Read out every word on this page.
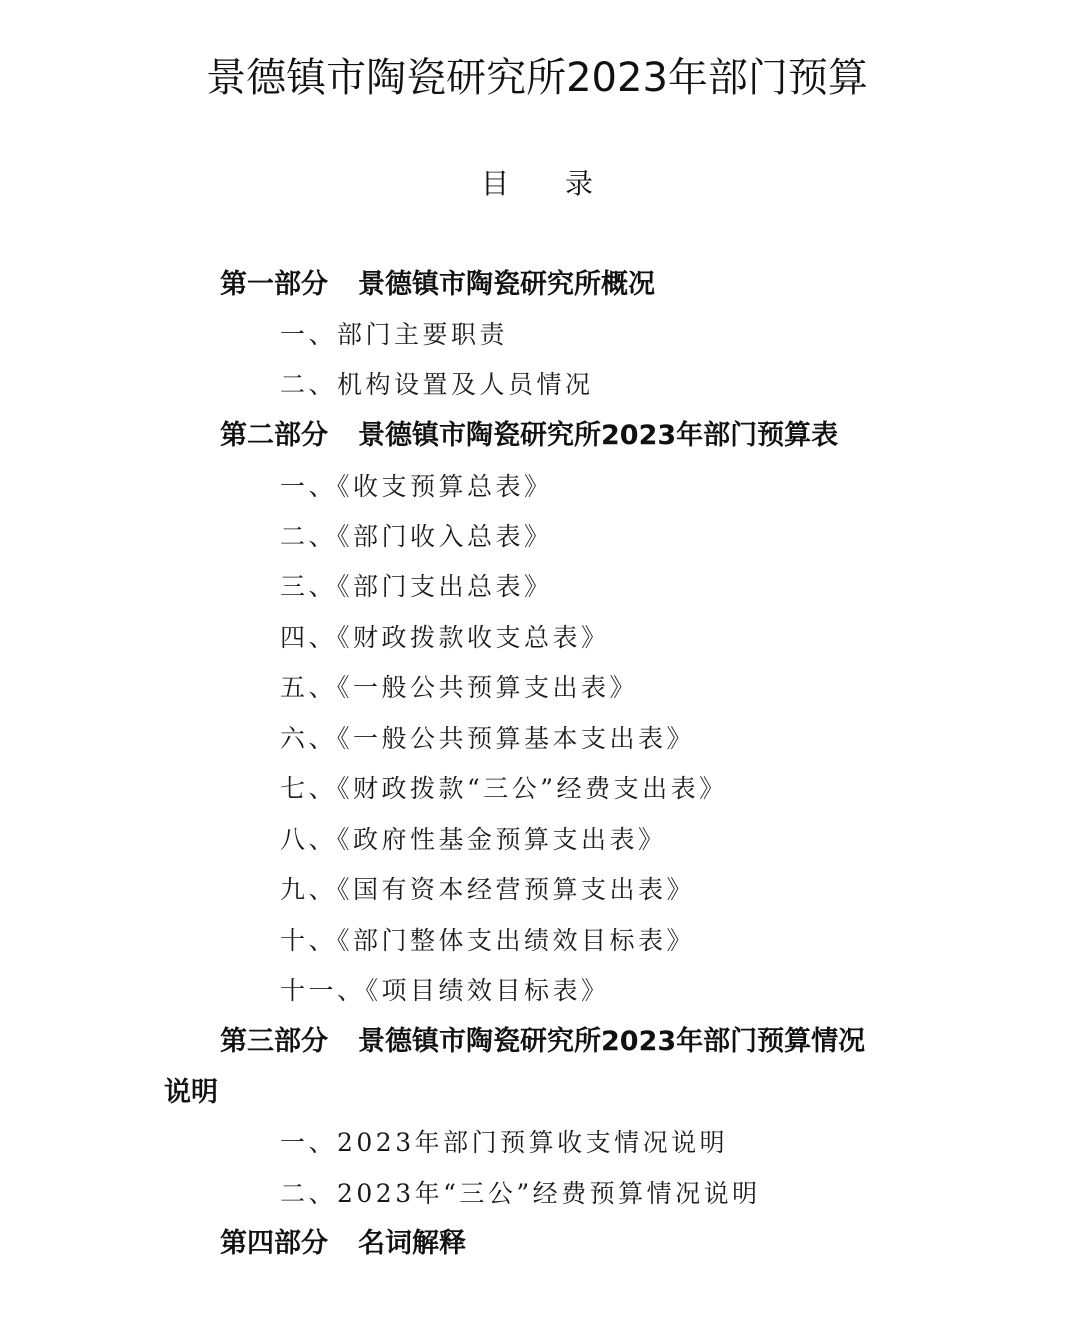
景德镇市陶瓷研究所2023年部门预算
目 录
第一部分 景德镇市陶瓷研究所概况
一、部门主要职责
二、机构设置及人员情况
第二部分 景德镇市陶瓷研究所2023年部门预算表
一、《收支预算总表》
二、《部门收入总表》
三、《部门支出总表》
四、《财政拨款收支总表》
五、《一般公共预算支出表》
六、《一般公共预算基本支出表》
七、《财政拨款“三公”经费支出表》
八、《政府性基金预算支出表》
九、《国有资本经营预算支出表》
十、《部门整体支出绩效目标表》
十一、《项目绩效目标表》
第三部分 景德镇市陶瓷研究所2023年部门预算情况
说明
一、2023年部门预算收支情况说明
二、2023年“三公”经费预算情况说明
第四部分 名词解释
